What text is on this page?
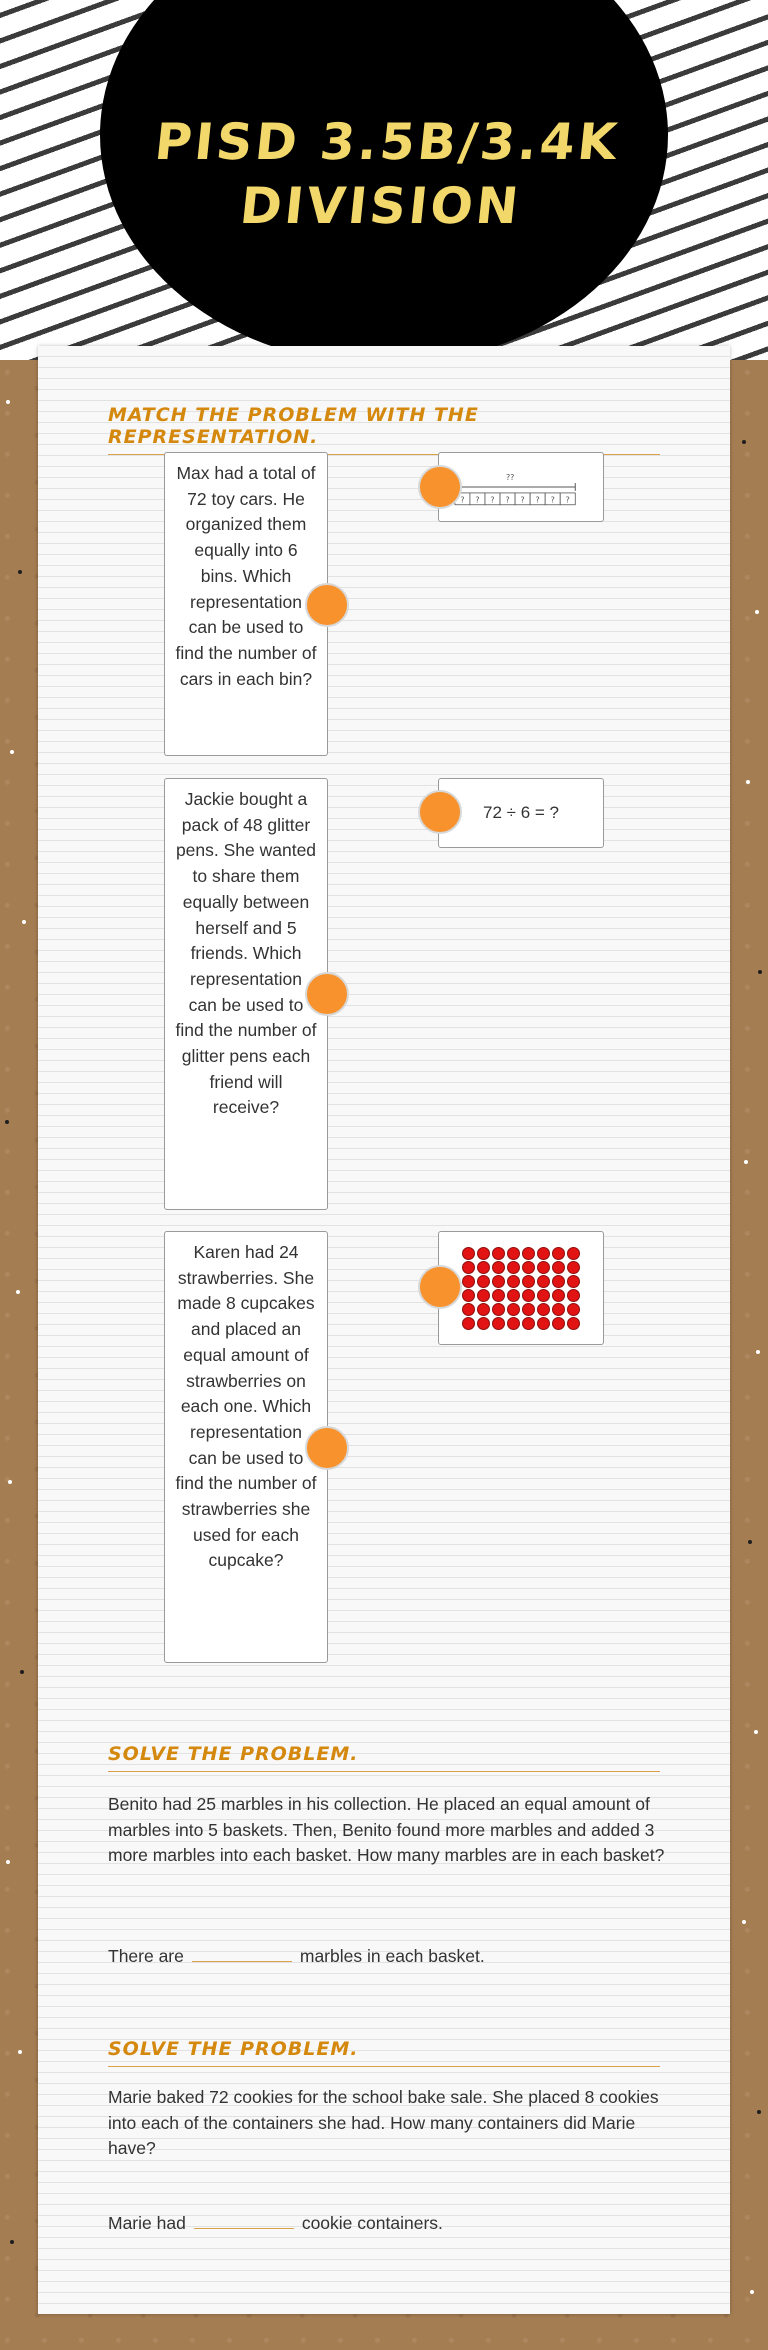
PISD 3.5B/3.4K DIVISION
MATCH THE PROBLEM WITH THE REPRESENTATION.
Max had a total of 72 toy cars. He organized them equally into 6 bins. Which representation can be used to find the number of cars in each bin?
Jackie bought a pack of 48 glitter pens. She wanted to share them equally between herself and 5 friends. Which representation can be used to find the number of glitter pens each friend will receive?
Karen had 24 strawberries. She made 8 cupcakes and placed an equal amount of strawberries on each one. Which representation can be used to find the number of strawberries she used for each cupcake?
??
? ? ? ? ? ? ? ?
72 ÷ 6 = ?
SOLVE THE PROBLEM.
Benito had 25 marbles in his collection. He placed an equal amount of marbles into 5 baskets. Then, Benito found more marbles and added 3 more marbles into each basket. How many marbles are in each basket?
There are	marbles in each basket.
SOLVE THE PROBLEM.
Marie baked 72 cookies for the school bake sale. She placed 8 cookies into each of the containers she had. How many containers did Marie have?
Marie had	cookie containers.
